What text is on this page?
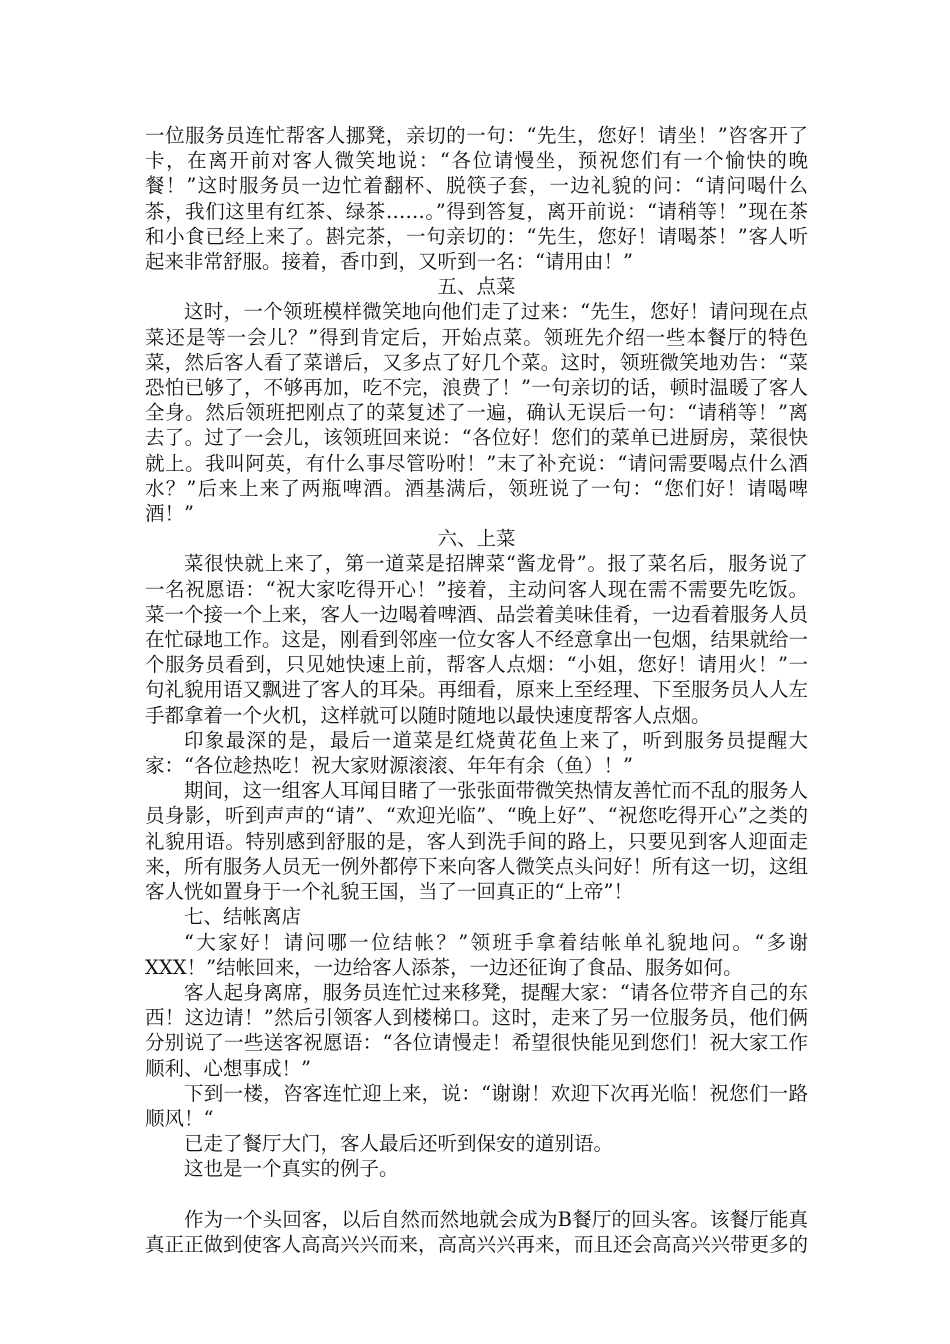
一位服务员连忙帮客人挪凳，亲切的一句：“先生，您好！请坐！”咨客开了卡，在离开前对客人微笑地说：“各位请慢坐，预祝您们有一个愉快的晚餐！”这时服务员一边忙着翻杯、脱筷子套，一边礼貌的问：“请问喝什么茶，我们这里有红茶、绿茶……。”得到答复，离开前说：“请稍等！”现在茶和小食已经上来了。斟完茶，一句亲切的：“先生，您好！请喝茶！”客人听起来非常舒服。接着，香巾到，又听到一名：“请用由！”

五、点菜

这时，一个领班模样微笑地向他们走了过来：“先生，您好！请问现在点菜还是等一会儿？”得到肯定后，开始点菜。领班先介绍一些本餐厅的特色菜，然后客人看了菜谱后，又多点了好几个菜。这时，领班微笑地劝告：“菜恐怕已够了，不够再加，吃不完，浪费了！”一句亲切的话，顿时温暖了客人全身。然后领班把刚点了的菜复述了一遍，确认无误后一句：“请稍等！”离去了。过了一会儿，该领班回来说：“各位好！您们的菜单已进厨房，菜很快就上。我叫阿英，有什么事尽管吩咐！”末了补充说：“请问需要喝点什么酒水？”后来上来了两瓶啤酒。酒基满后，领班说了一句：“您们好！请喝啤酒！”

六、上菜

菜很快就上来了，第一道菜是招牌菜“酱龙骨”。报了菜名后，服务说了一名祝愿语：“祝大家吃得开心！”接着，主动问客人现在需不需要先吃饭。菜一个接一个上来，客人一边喝着啤酒、品尝着美味佳肴，一边看着服务人员在忙碌地工作。这是，刚看到邻座一位女客人不经意拿出一包烟，结果就给一个服务员看到，只见她快速上前，帮客人点烟：“小姐，您好！请用火！”一句礼貌用语又飘进了客人的耳朵。再细看，原来上至经理、下至服务员人人左手都拿着一个火机，这样就可以随时随地以最快速度帮客人点烟。

印象最深的是，最后一道菜是红烧黄花鱼上来了，听到服务员提醒大家：“各位趁热吃！祝大家财源滚滚、年年有余（鱼）！”

期间，这一组客人耳闻目睹了一张张面带微笑热情友善忙而不乱的服务人员身影，听到声声的“请”、“欢迎光临”、“晚上好”、“祝您吃得开心”之类的礼貌用语。特别感到舒服的是，客人到洗手间的路上，只要见到客人迎面走来，所有服务人员无一例外都停下来向客人微笑点头问好！所有这一切，这组客人恍如置身于一个礼貌王国，当了一回真正的“上帝”！

七、结帐离店

“大家好！请问哪一位结帐？”领班手拿着结帐单礼貌地问。“多谢XXX！”结帐回来，一边给客人添茶，一边还征询了食品、服务如何。

客人起身离席，服务员连忙过来移凳，提醒大家：“请各位带齐自己的东西！这边请！”然后引领客人到楼梯口。这时，走来了另一位服务员，他们俩分别说了一些送客祝愿语：“各位请慢走！希望很快能见到您们！祝大家工作顺利、心想事成！”

下到一楼，咨客连忙迎上来，说：“谢谢！欢迎下次再光临！祝您们一路顺风！“

已走了餐厅大门，客人最后还听到保安的道别语。

这也是一个真实的例子。

作为一个头回客，以后自然而然地就会成为B餐厅的回头客。该餐厅能真真正正做到使客人高高兴兴而来，高高兴兴再来，而且还会高高兴兴带更多的
